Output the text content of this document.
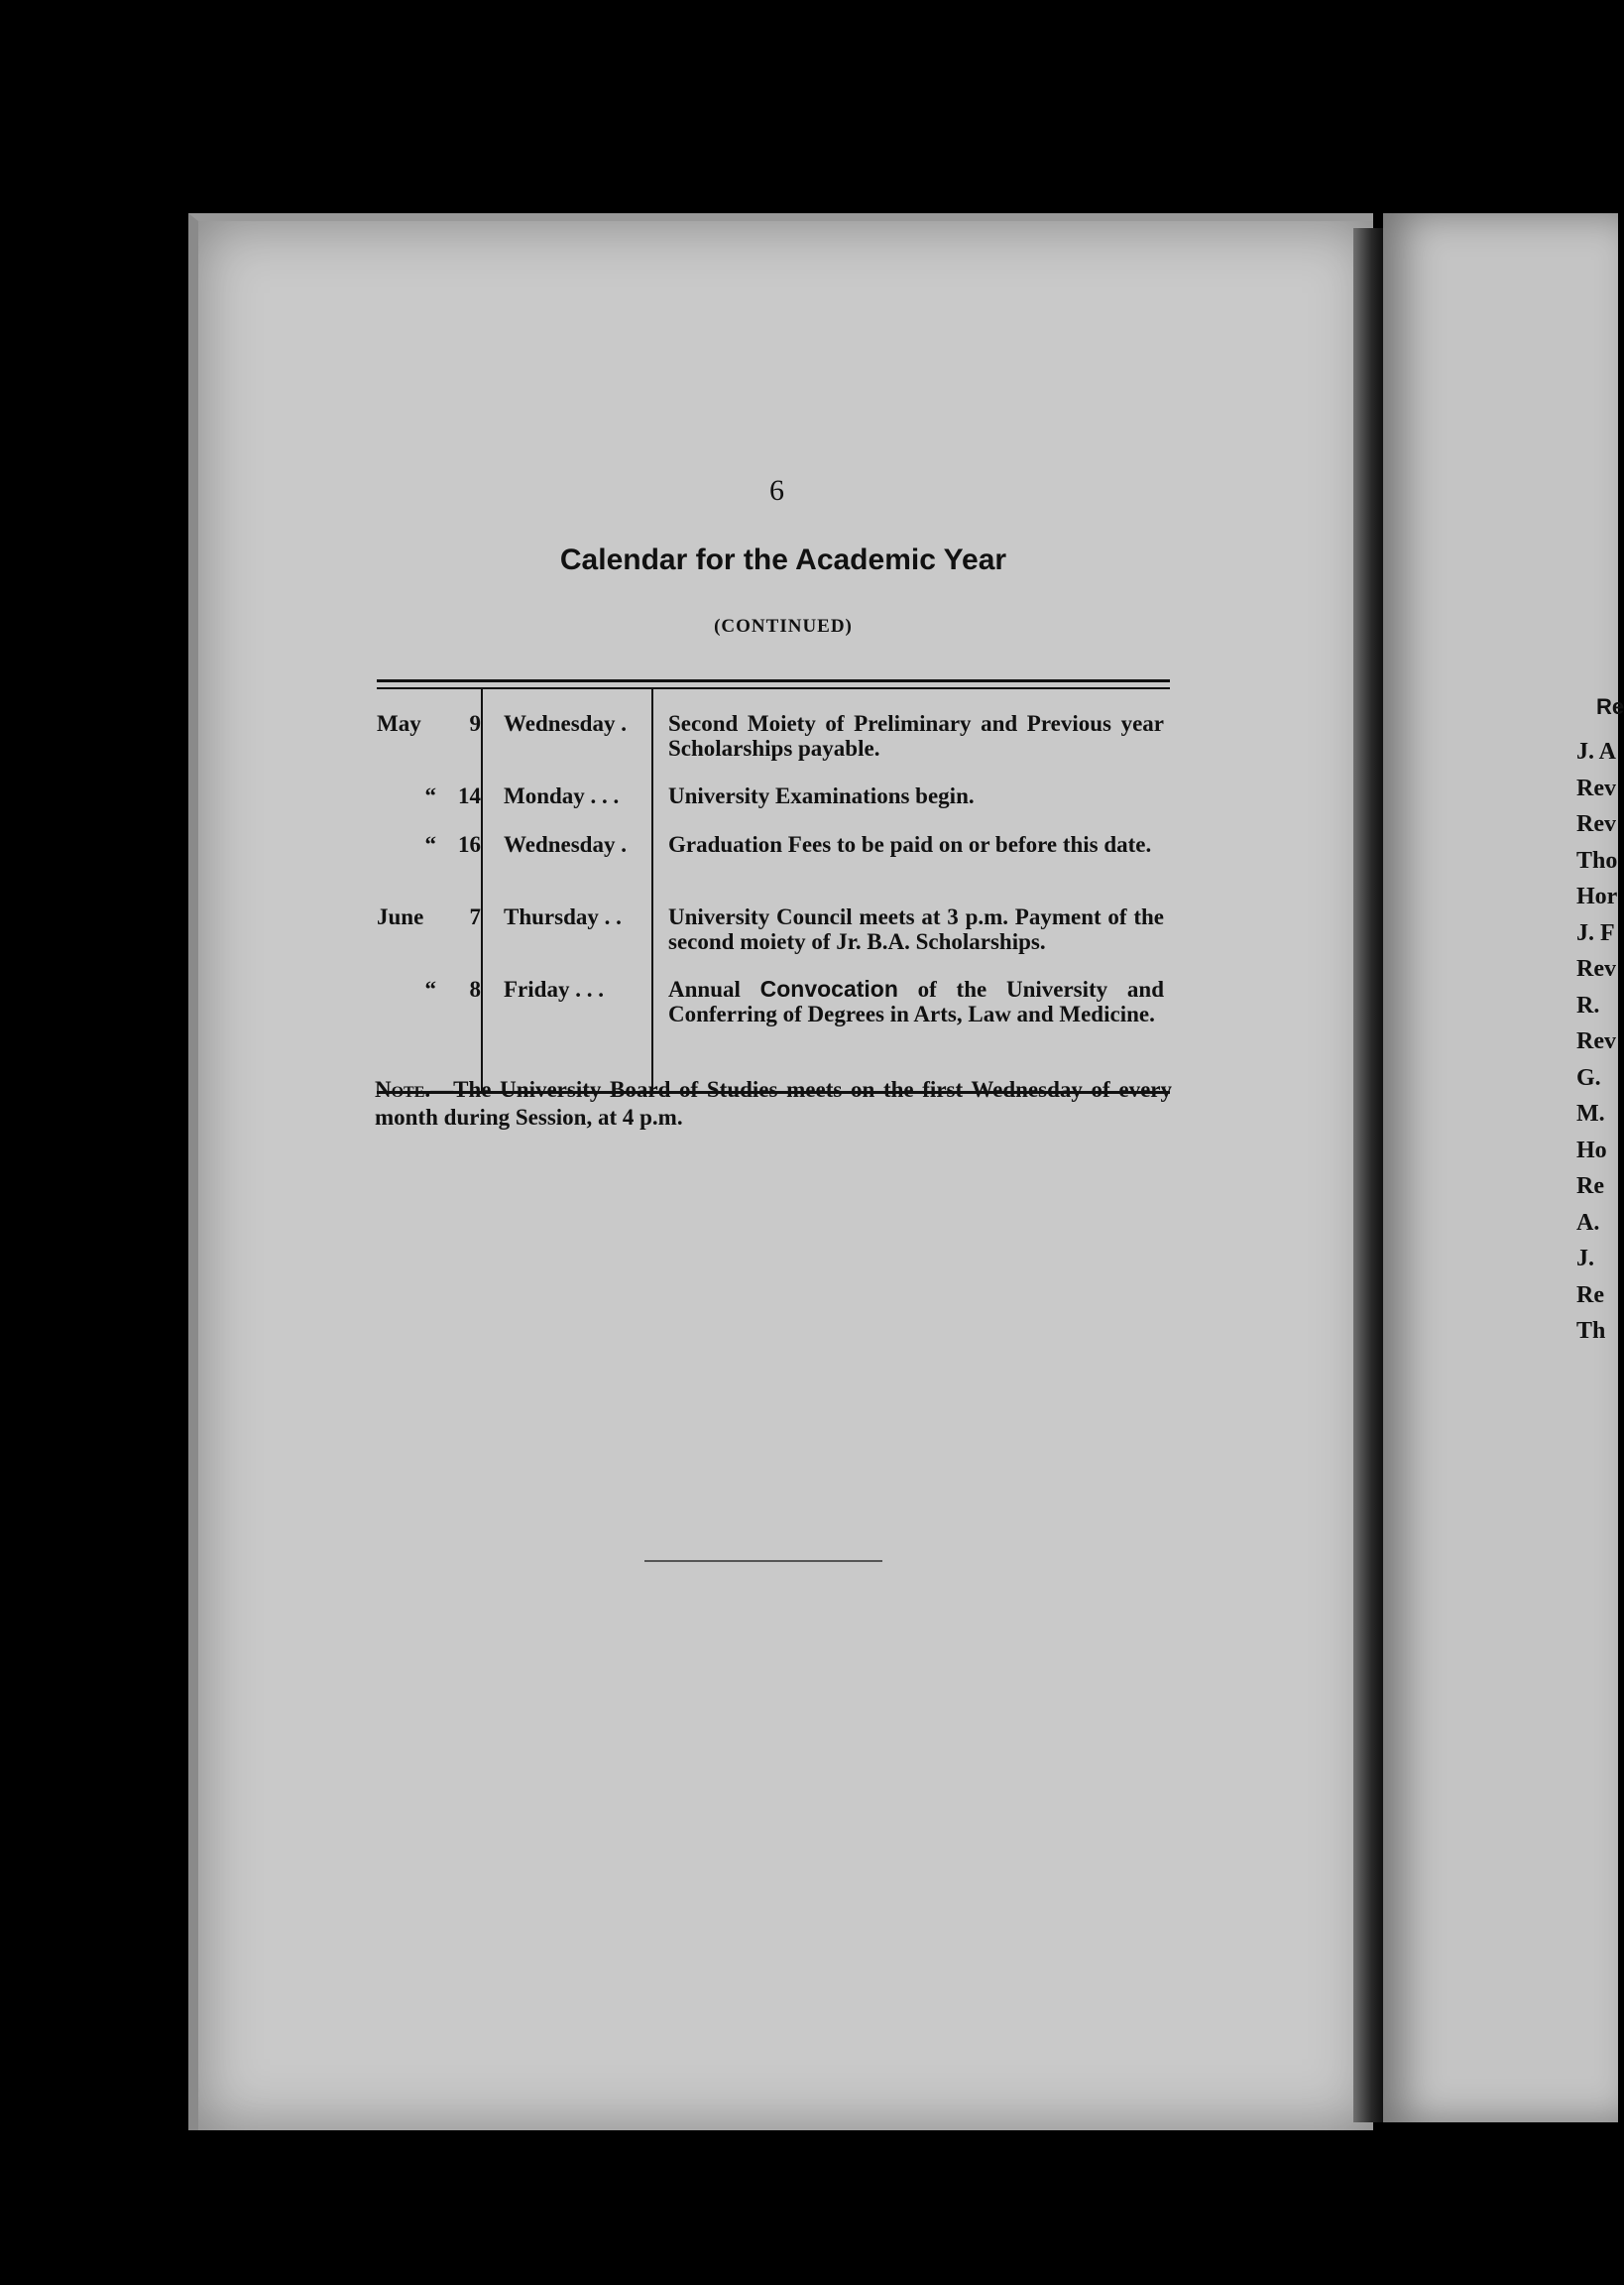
Re
J. A
Rev
Rev
Tho
Hor
J. F
Rev
R.
Rev
G.
M.
Ho
Re
A.
J.
Re
Th
6
Calendar for the Academic Year
(CONTINUED)
May	9 Wednesday .	Second Moiety of Preliminary and Previous year Scholarships payable.
“ 14 Monday . . .	University Examinations begin.
“ 16 Wednesday .	Graduation Fees to be paid on or before this date.
June	7 Thursday . .	University Council meets at 3 p.m. Payment of the second moiety of Jr. B.A. Scholarships.
“	8 Friday . . .	Annual Convocation of the University and Conferring of Degrees in Arts, Law and Medicine.
Note.—The University Board of Studies meets on the first Wednesday of every month during Session, at 4 p.m.
